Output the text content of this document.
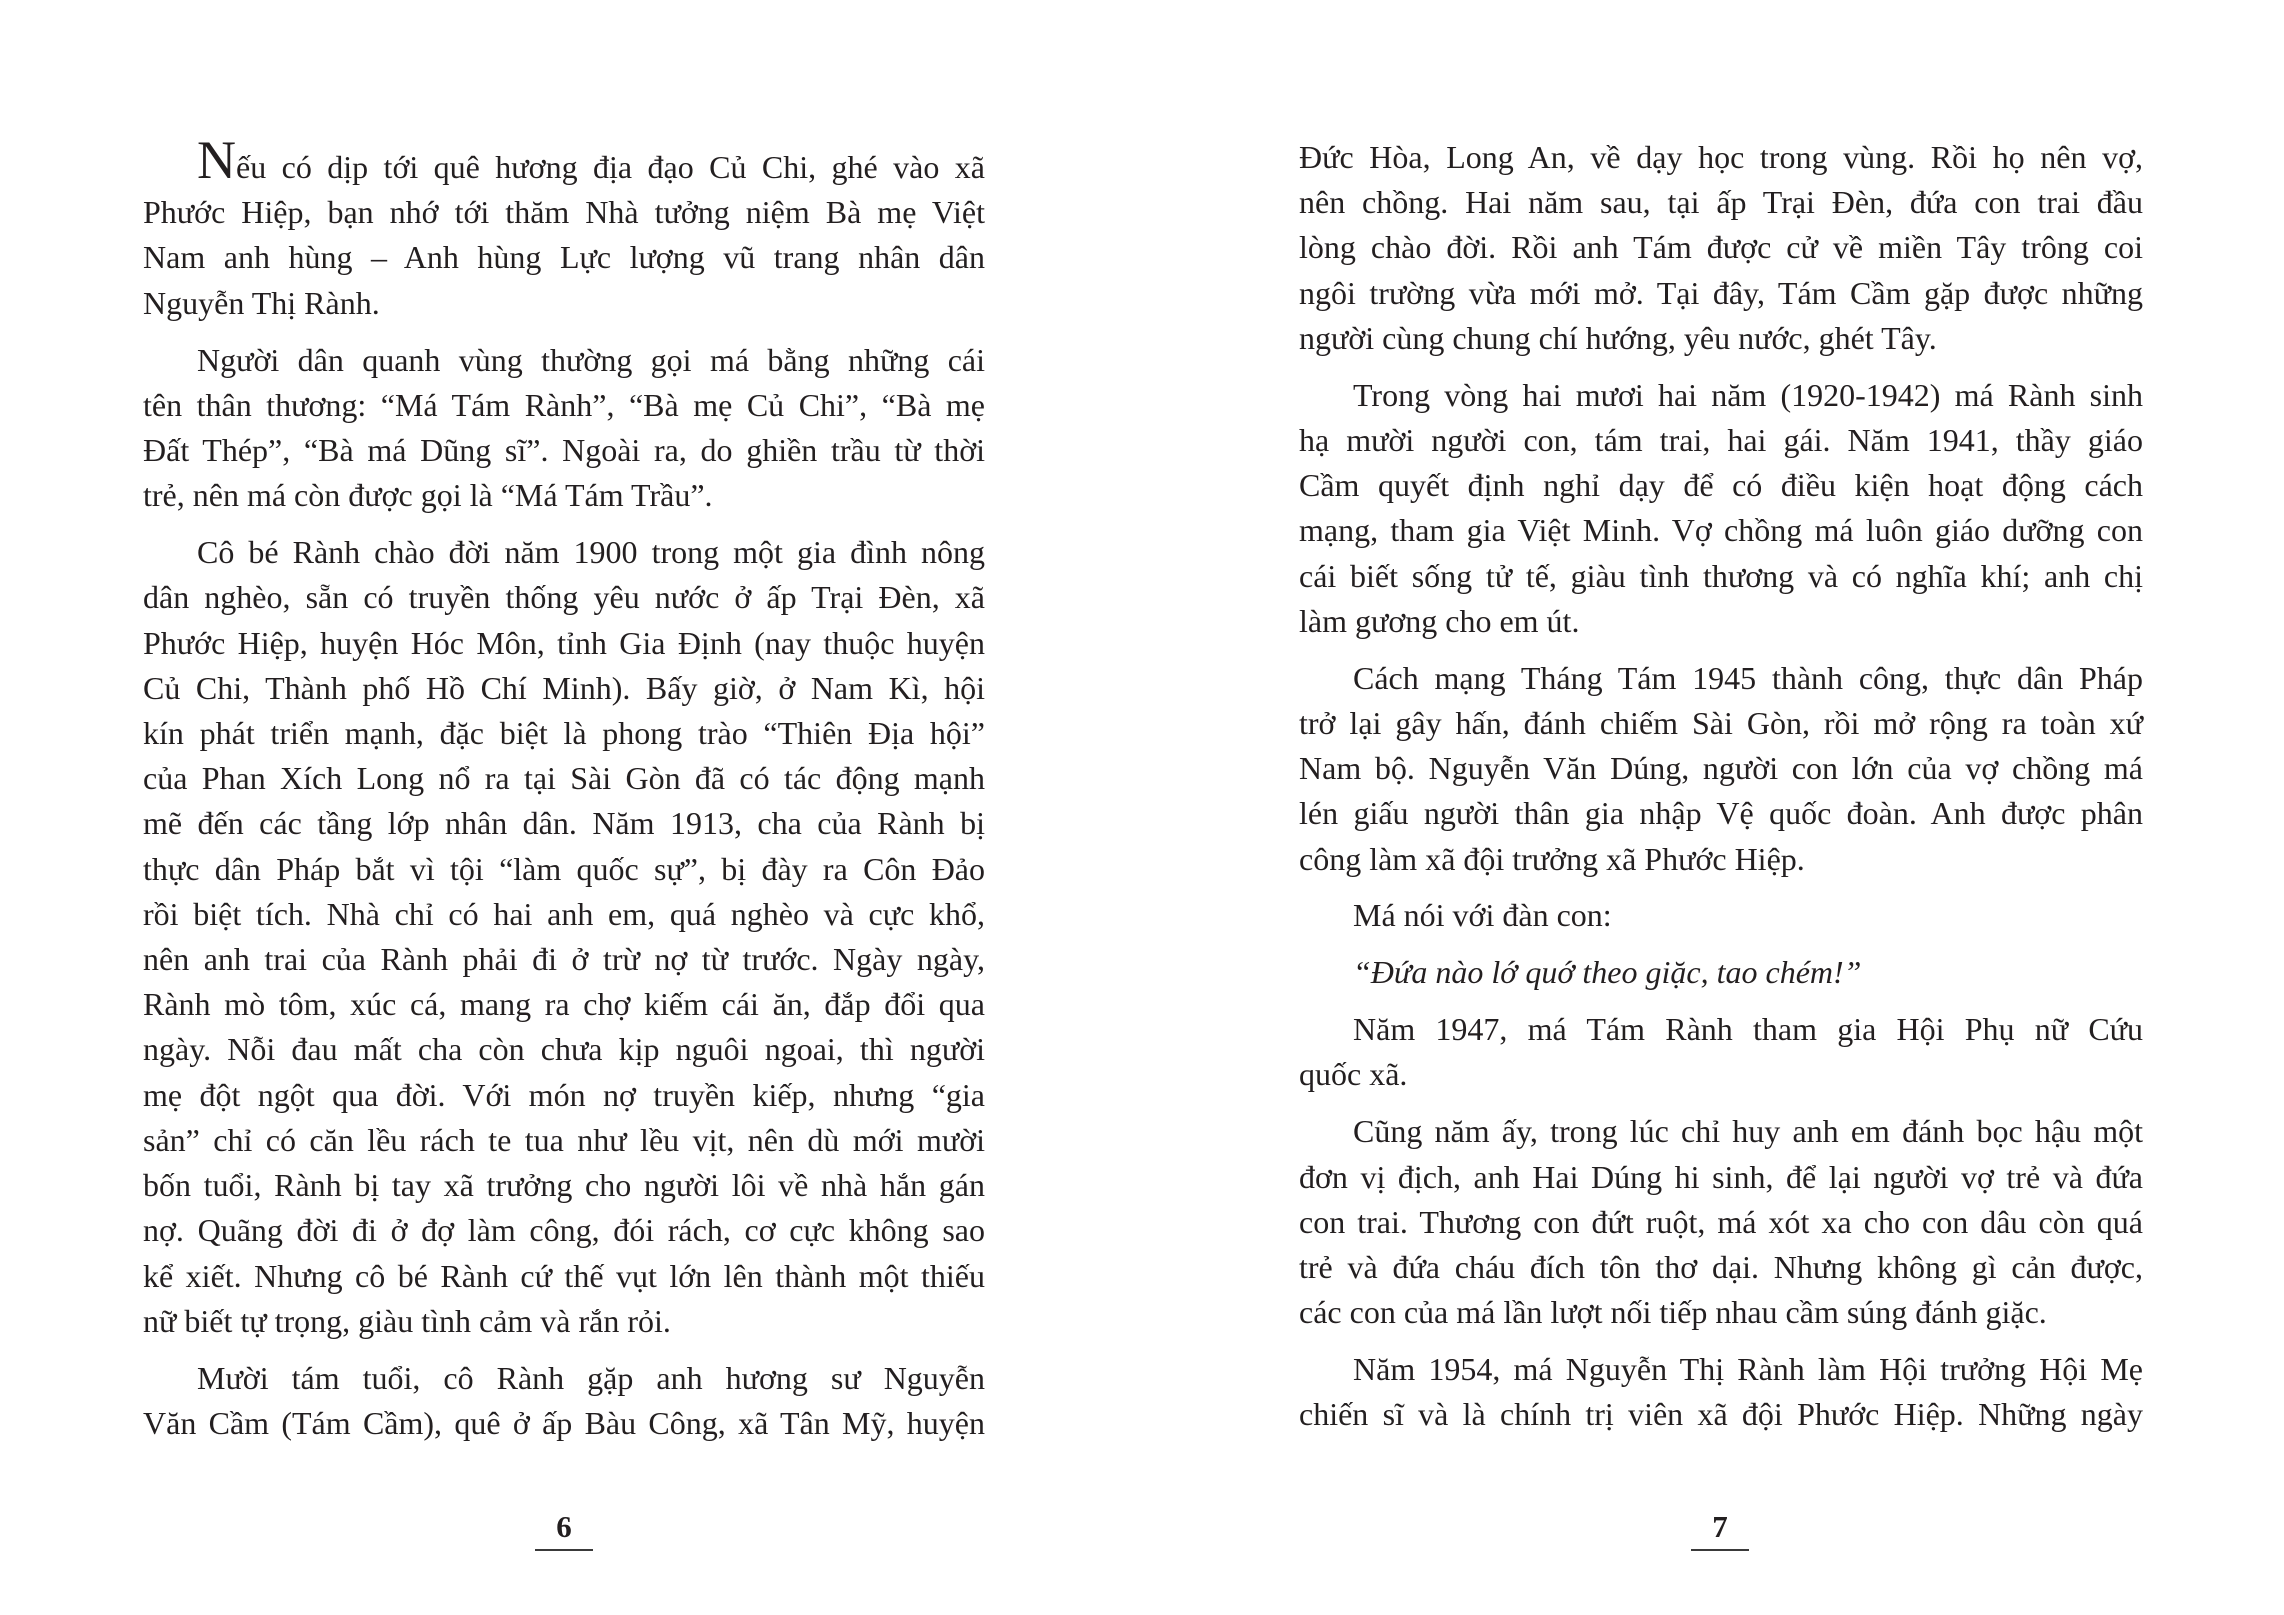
Nếu có dịp tới quê hương địa đạo Củ Chi, ghé vào xã
Phước Hiệp, bạn nhớ tới thăm Nhà tưởng niệm Bà mẹ Việt
Nam anh hùng – Anh hùng Lực lượng vũ trang nhân dân
Nguyễn Thị Rành.
Người dân quanh vùng thường gọi má bằng những cái
tên thân thương: “Má Tám Rành”, “Bà mẹ Củ Chi”, “Bà mẹ
Đất Thép”, “Bà má Dũng sĩ”. Ngoài ra, do ghiền trầu từ thời
trẻ, nên má còn được gọi là “Má Tám Trầu”.
Cô bé Rành chào đời năm 1900 trong một gia đình nông
dân nghèo, sẵn có truyền thống yêu nước ở ấp Trại Đèn, xã
Phước Hiệp, huyện Hóc Môn, tỉnh Gia Định (nay thuộc huyện
Củ Chi, Thành phố Hồ Chí Minh). Bấy giờ, ở Nam Kì, hội
kín phát triển mạnh, đặc biệt là phong trào “Thiên Địa hội”
của Phan Xích Long nổ ra tại Sài Gòn đã có tác động mạnh
mẽ đến các tầng lớp nhân dân. Năm 1913, cha của Rành bị
thực dân Pháp bắt vì tội “làm quốc sự”, bị đày ra Côn Đảo
rồi biệt tích. Nhà chỉ có hai anh em, quá nghèo và cực khổ,
nên anh trai của Rành phải đi ở trừ nợ từ trước. Ngày ngày,
Rành mò tôm, xúc cá, mang ra chợ kiếm cái ăn, đắp đổi qua
ngày. Nỗi đau mất cha còn chưa kịp nguôi ngoai, thì người
mẹ đột ngột qua đời. Với món nợ truyền kiếp, nhưng “gia
sản” chỉ có căn lều rách te tua như lều vịt, nên dù mới mười
bốn tuổi, Rành bị tay xã trưởng cho người lôi về nhà hắn gán
nợ. Quãng đời đi ở đợ làm công, đói rách, cơ cực không sao
kể xiết. Nhưng cô bé Rành cứ thế vụt lớn lên thành một thiếu
nữ biết tự trọng, giàu tình cảm và rắn rỏi.
Mười tám tuổi, cô Rành gặp anh hương sư Nguyễn
Văn Cầm (Tám Cầm), quê ở ấp Bàu Công, xã Tân Mỹ, huyện
6
Đức Hòa, Long An, về dạy học trong vùng. Rồi họ nên vợ,
nên chồng. Hai năm sau, tại ấp Trại Đèn, đứa con trai đầu
lòng chào đời. Rồi anh Tám được cử về miền Tây trông coi
ngôi trường vừa mới mở. Tại đây, Tám Cầm gặp được những
người cùng chung chí hướng, yêu nước, ghét Tây.
Trong vòng hai mươi hai năm (1920-1942) má Rành sinh
hạ mười người con, tám trai, hai gái. Năm 1941, thầy giáo
Cầm quyết định nghỉ dạy để có điều kiện hoạt động cách
mạng, tham gia Việt Minh. Vợ chồng má luôn giáo dưỡng con
cái biết sống tử tế, giàu tình thương và có nghĩa khí; anh chị
làm gương cho em út.
Cách mạng Tháng Tám 1945 thành công, thực dân Pháp
trở lại gây hấn, đánh chiếm Sài Gòn, rồi mở rộng ra toàn xứ
Nam bộ. Nguyễn Văn Dúng, người con lớn của vợ chồng má
lén giấu người thân gia nhập Vệ quốc đoàn. Anh được phân
công làm xã đội trưởng xã Phước Hiệp.
Má nói với đàn con:
“Đứa nào lớ quớ theo giặc, tao chém!”
Năm 1947, má Tám Rành tham gia Hội Phụ nữ Cứu
quốc xã.
Cũng năm ấy, trong lúc chỉ huy anh em đánh bọc hậu một
đơn vị địch, anh Hai Dúng hi sinh, để lại người vợ trẻ và đứa
con trai. Thương con đứt ruột, má xót xa cho con dâu còn quá
trẻ và đứa cháu đích tôn thơ dại. Nhưng không gì cản được,
các con của má lần lượt nối tiếp nhau cầm súng đánh giặc.
Năm 1954, má Nguyễn Thị Rành làm Hội trưởng Hội Mẹ
chiến sĩ và là chính trị viên xã đội Phước Hiệp. Những ngày
7
